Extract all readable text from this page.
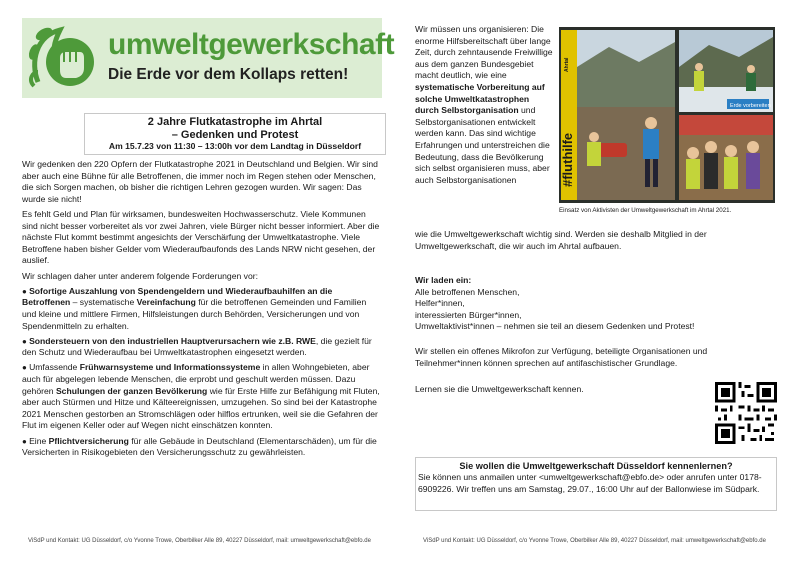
umweltgewerkschaft
Die Erde vor dem Kollaps retten!
2 Jahre Flutkatastrophe im Ahrtal
– Gedenken und Protest
Am 15.7.23 von 11:30 – 13:00h vor dem Landtag in Düsseldorf

Wir gedenken den 220 Opfern der Flutkatastrophe 2021 in Deutschland und Belgien. Wir sind aber auch eine Bühne für alle Betroffenen, die immer noch im Regen stehen oder Menschen, die sich Sorgen machen, ob bisher die richtigen Lehren gezogen wurden. Wir sagen: Das wurde sie nicht!

Es fehlt Geld und Plan für wirksamen, bundesweiten Hochwasserschutz. Viele Kommunen sind nicht besser vorbereitet als vor zwei Jahren, viele Bürger nicht besser informiert. Aber die nächste Flut kommt bestimmt angesichts der Verschärfung der Umweltkatastrophe. Viele Betroffene haben bisher Gelder vom Wiederaufbaufonds des Lands NRW nicht gesehen, der auslief.

Wir schlagen daher unter anderem folgende Forderungen vor:

● Sofortige Auszahlung von Spendengeldern und Wiederaufbauhilfen an die Betroffenen – systematische Vereinfachung für die betroffenen Gemeinden und Familien und kleine und mittlere Firmen, Hilfsleistungen durch Behörden, Versicherungen und von Spendenmitteln zu erhalten.

● Sondersteuern von den industriellen Hauptverursachern wie z.B. RWE, die gezielt für den Schutz und Wiederaufbau bei Umweltkatastrophen eingesetzt werden.

● Umfassende Frühwarnsysteme und Informationssysteme in allen Wohngebieten, aber auch für abgelegen lebende Menschen, die erprobt und geschult werden müssen. Dazu gehören Schulungen der ganzen Bevölkerung wie für Erste Hilfe zur Befähigung mit Fluten, aber auch Stürmen und Hitze und Kälteereignissen, umzugehen. So sind bei der Katastrophe 2021 Menschen gestorben an Stromschlägen oder hilflos ertrunken, weil sie die Gefahren der Flut im eigenen Keller oder auf Wegen nicht einschätzen konnten.

● Eine Pflichtversicherung für alle Gebäude in Deutschland (Elementarschäden), um für die Versicherten in Risikogebieten den Versicherungsschutz zu gewährleisten.

ViSdP und Kontakt: UG Düsseldorf, c/o Yvonne Trowe, Oberbilker Alle 89, 40227 Düsseldorf, mail: umweltgewerkschaft@ebfo.de
Wir müssen uns organisieren: Die enorme Hilfsbereitschaft über lange Zeit, durch zehntausende Freiwillige aus dem ganzen Bundesgebiet macht deutlich, wie eine systematische Vorbereitung auf solche Umweltkatastrophen durch Selbstorganisation und Selbstorganisationen entwickelt werden kann. Das sind wichtige Erfahrungen und unterstreichen die Bedeutung, dass die Bevölkerung sich selbst organisieren muss, aber auch Selbstorganisationen	#fluthilfe
Ahrtal
Erde vorbereiten
Einsatz von Aktivisten der Umweltgewerkschaft im Ahrtal 2021.
wie die Umweltgewerkschaft wichtig sind. Werden sie deshalb Mitglied in der Umweltgewerkschaft, die wir auch im Ahrtal aufbauen.
Wir laden ein:
Alle betroffenen Menschen,
Helfer*innen,
interessierten Bürger*innen,
Umweltaktivist*innen – nehmen sie teil an diesem Gedenken und Protest!
Wir stellen ein offenes Mikrofon zur Verfügung, beteiligte Organisationen und Teilnehmer*innen können sprechen auf antifaschistischer Grundlage.
Lernen sie die Umweltgewerkschaft kennen.
Sie wollen die Umweltgewerkschaft Düsseldorf kennenlernen?
Sie können uns anmailen unter <umweltgewerkschaft@ebfo.de> oder anrufen unter 0178-6909226. Wir treffen uns am Samstag, 29.07., 16:00 Uhr auf der Ballonwiese im Südpark.
ViSdP und Kontakt: UG Düsseldorf, c/o Yvonne Trowe, Oberbilker Alle 89, 40227 Düsseldorf, mail: umweltgewerkschaft@ebfo.de
